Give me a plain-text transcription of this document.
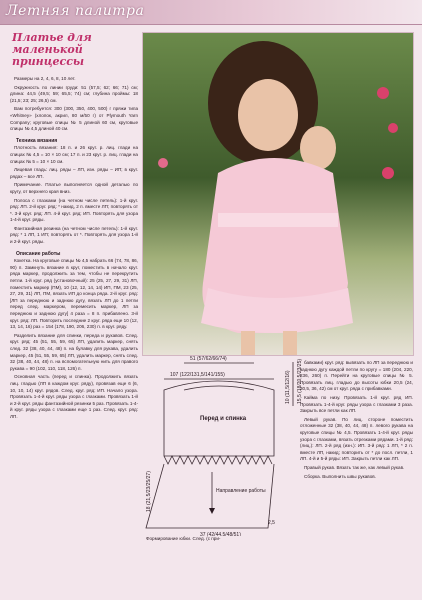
Летняя палитра
Платье для маленькой принцессы
Размеры на 2, 4, 6, 8, 10 лет.
Окружность по линии груди: 51 (57,5; 62; 66; 71) см; длина: 44,5 (49,5; 59; 65,5; 74) см; глубина проймы: 18 (21,5; 23; 25; 26,5) см.
Вам потребуется: 300 (300, 350, 400, 500) г пряжи типа «Whitney» (хлопок, акрил, 80 м/50 г) от Plymouth Yarn Company; круговые спицы № 5 длиной 60 см, круговые спицы № 4,5 длиной 40 см.
Техника вязания
Плотность вязания: 18 п. и 26 круг. р. лиц. глади на спицах № 4,5 = 10 × 10 см; 17 п. и 23 круг. р. лиц. глади на спицах № 5 = 10 × 10 см.
Лицевая гладь: лиц. ряды – ЛП, изн. ряды – ИП; в круг. рядах – все ЛП.
Примечание. Платье выполняется одной деталью по кругу, от верхнего края вниз.
Полоса с глазками (на четном числе петель): 1-й круг. ряд: ЛП. 2-й круг. ряд: * накид, 2 п. вместе ЛП; повторять от *. 3-й круг. ряд: ЛП. 4-й круг. ряд: ИП. Повторять для узора 1-4-й круг. ряды.
Фантазийная резинка (на четном числе петель): 1-й круг. ряд: * 1 ЛП, 1 ИП; повторять от *. Повторять для узора 1-й и 2-й круг. ряды.
Описание работы
Кокетка. На круговые спицы № 4,5 набрать 66 (74, 78, 86, 90) п. Замкнуть вязание в круг, поместить в начало круг. ряда маркер, продолжить за тем, чтобы не перекрутить петли. 1-й круг. ряд (установочный): 25 (25, 27, 29, 31) ЛП, поместить маркер (ПМ), 10 (12, 12, 14, 14) ИП, ПМ, 23 (25, 27, 29, 31) ЛП, ПМ, вязать ИП до конца ряда. 2-й круг. ряд: [ЛП за переднюю и заднюю дугу, вязать ЛП до 1 петли перед след. маркером, перемесить маркер, ЛП за переднюю и заднюю дугу] 4 раза = 8 п. прибавлено. 3-й круг. ряд: ЛП. Повторить последние 2 круг. ряда еще 10 (12, 13, 14, 16) раз = 154 (178, 190, 206, 230) п. в круг. ряду.
Разделить вязание для спинки, переда и рукавов. След. круг. ряд: 45 (51, 55, 59, 65) ЛП, удалить маркер, снять след. 32 (38, 40, 44, 48) п. на булавку для рукава, удалить маркер, 45 (51, 55, 59, 65) ЛП, удалить маркер, снять след. 32 (38, 40, 44, 48) п. на вспомогательную нить для правого рукава = 90 (102, 110, 118, 126) п.
Основная часть (перед и спинка). Продолжить вязать лиц. гладью (ЛП в каждом круг. ряду), провязав еще 6 (6, 10, 10, 14) круг. рядов. След. круг. ряд: ИП. Начало узора. Провязать 1-4-й круг. ряды узора с глазками. Провязать 1-й и 2-й круг. ряды фантазийной резинки 5 раз. Провязать 1-4-й круг. ряды узора с глазками еще 1 раз. След. круг. ряд: ЛП.
51 (57/62/66/74)
107 (122/131,5/141/155)
Перед и спинка
Направление работы
18 (21,5/23/25/27)
37 (42/44,5/48/51)
2,5
10 (11,5/12/16) 15,5 (18/20,5/23/25)
Формирование юбки. След. (с при-
бавками) круг. ряд: вывязать по ЛП за переднюю и заднюю дугу каждой петли по кругу = 180 (204, 220, 236, 260) п. Перейти на круговые спицы № 5. Провязать лиц. гладью до высоты юбки 20,5 (24, 30,5, 36, 42) см от круг. ряда с прибавками.
Кайма по низу. Провязать 1-й круг. ряд ИП. Провязать 1-4-й круг. ряды узора с глазками 3 раза. Закрыть все петли как ЛП.
Левый рукав. По лиц. стороне поместить отложенные 32 (38, 40, 44, 48) п. левого рукава на круговые спицы № 4,5. Провязать 1-4-й круг. ряды узора с глазками, вязать отрезками рядами. 1-й ряд: (лиц.): ЛП. 2-й ряд (изн.): ИП. 3-й ряд: 1 ЛП, * 2 п. вместе ЛП, накид; повторить от * до посл. петли, 1 ЛП. 4-й и 5-й ряды: ИП. Закрыть петли как ЛП.
Правый рукав. Вязать так же, как левый рукав.
Сборка. Выполнить швы рукавов.
